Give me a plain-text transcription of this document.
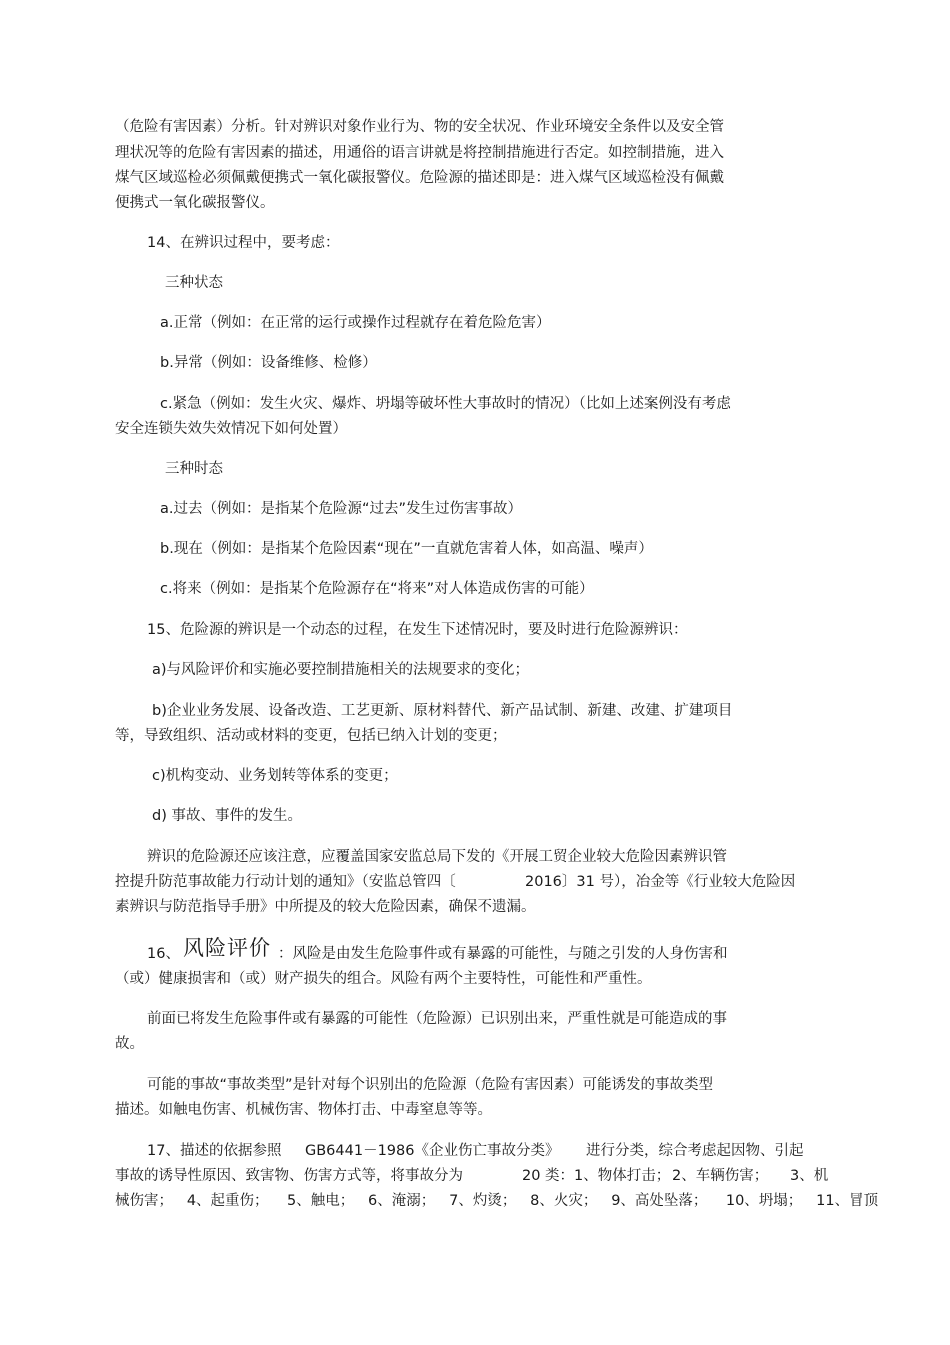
（危险有害因素）分析。针对辨识对象作业行为、物的安全状况、作业环境安全条件以及安全管

理状况等的危险有害因素的描述，用通俗的语言讲就是将控制措施进行否定。如控制措施，进入

煤气区域巡检必须佩戴便携式一氧化碳报警仪。危险源的描述即是：进入煤气区域巡检没有佩戴

便携式一氧化碳报警仪。

14、在辨识过程中，要考虑：

三种状态

a.正常（例如：在正常的运行或操作过程就存在着危险危害）

b.异常（例如：设备维修、检修）

c.紧急（例如：发生火灾、爆炸、坍塌等破坏性大事故时的情况）（比如上述案例没有考虑

安全连锁失效失效情况下如何处置）

三种时态

a.过去（例如：是指某个危险源“过去”发生过伤害事故）

b.现在（例如：是指某个危险因素“现在”一直就危害着人体，如高温、噪声）

c.将来（例如：是指某个危险源存在“将来”对人体造成伤害的可能）

15、危险源的辨识是一个动态的过程，在发生下述情况时，要及时进行危险源辨识：

a)与风险评价和实施必要控制措施相关的法规要求的变化；

b)企业业务发展、设备改造、工艺更新、原材料替代、新产品试制、新建、改建、扩建项目

等，导致组织、活动或材料的变更，包括已纳入计划的变更；

c)机构变动、业务划转等体系的变更；

d) 事故、事件的发生。

辨识的危险源还应该注意，应覆盖国家安监总局下发的《开展工贸企业较大危险因素辨识管

控提升防范事故能力行动计划的通知》（安监总管四〔	2016〕31 号），冶金等《行业较大危险因

素辨识与防范指导手册》中所提及的较大危险因素，确保不遗漏。

16、 风险评价 ：风险是由发生危险事件或有暴露的可能性，与随之引发的人身伤害和

（或）健康损害和（或）财产损失的组合。风险有两个主要特性，可能性和严重性。

前面已将发生危险事件或有暴露的可能性（危险源）已识别出来，严重性就是可能造成的事

故。

可能的事故“事故类型”是针对每个识别出的危险源（危险有害因素）可能诱发的事故类型

描述。如触电伤害、机械伤害、物体打击、中毒窒息等等。

17、描述的依据参照 GB6441－1986《企业伤亡事故分类》 进行分类，综合考虑起因物、引起

事故的诱导性原因、致害物、伤害方式等，将事故分为	20 类：1、物体打击； 2、车辆伤害； 3、机

械伤害；   4、起重伤；    5、触电；   6、淹溺；   7、灼烫；   8、火灾；   9、高处坠落；    10、坍塌；   11、冒顶
